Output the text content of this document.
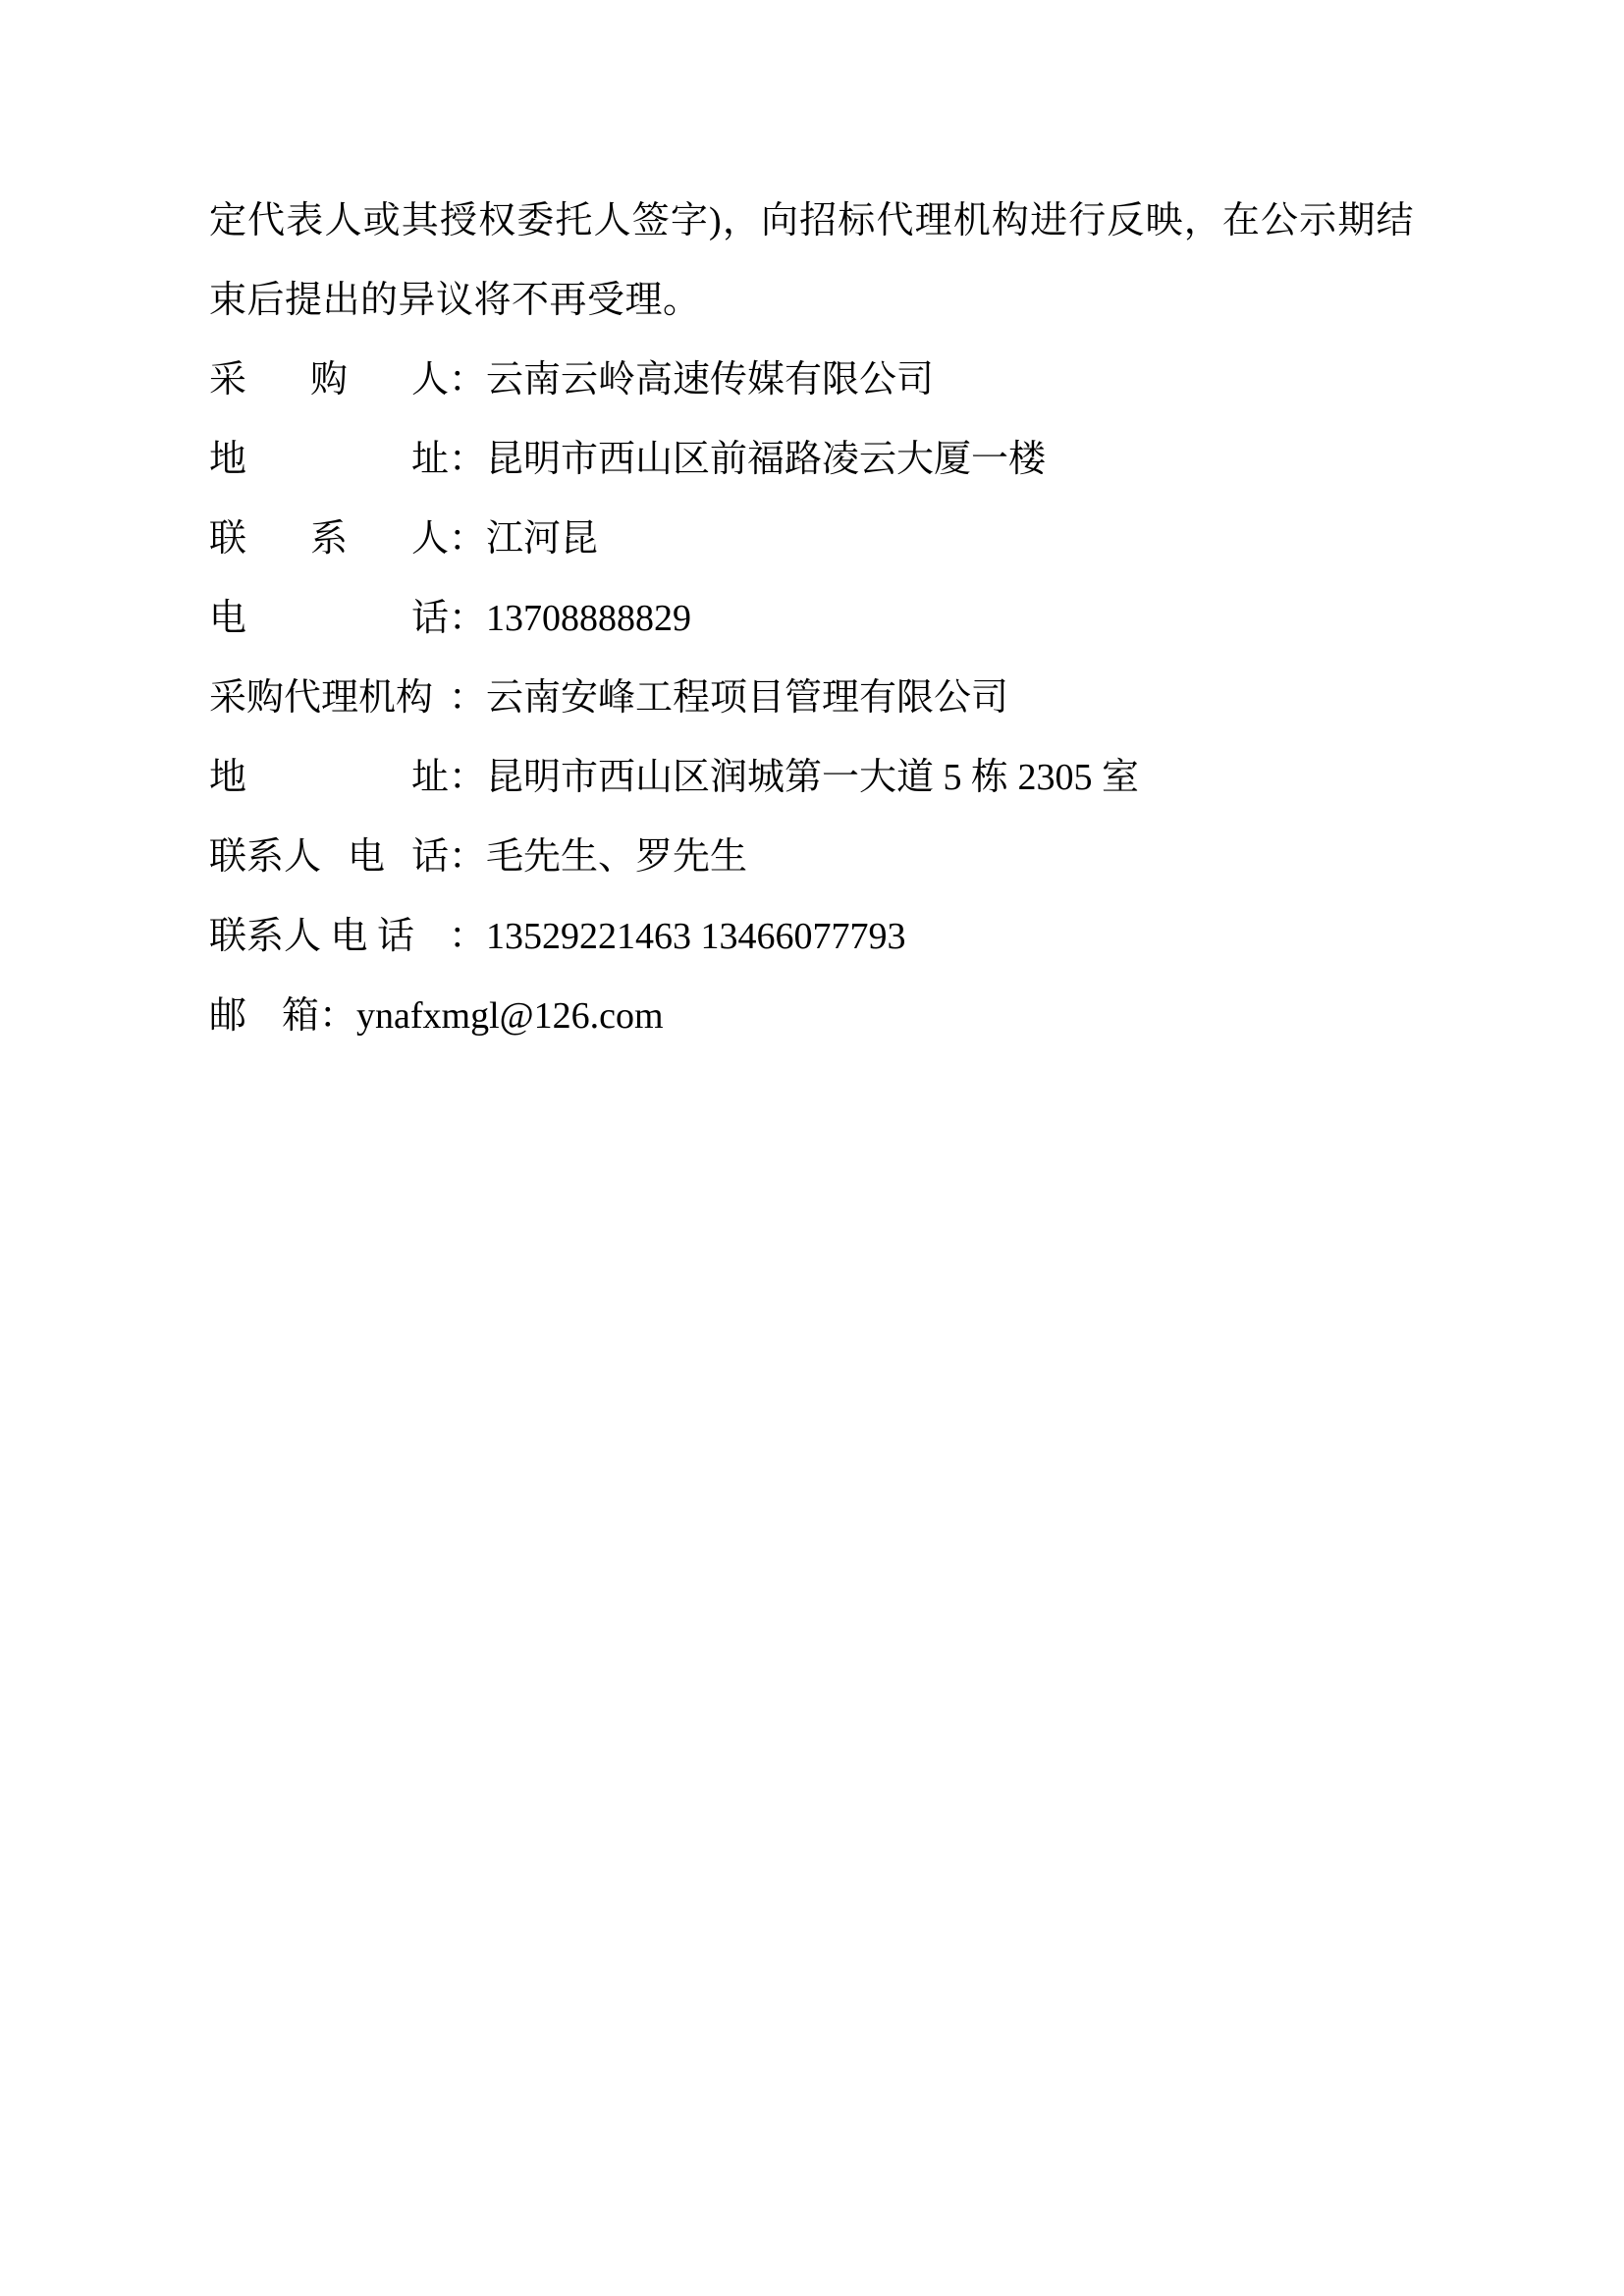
定代表人或其授权委托人签字)，向招标代理机构进行反映，在公示期结
束后提出的异议将不再受理。
采 购 人 ： 云南云岭高速传媒有限公司
地	址 ： 昆明市西山区前福路凌云大厦一楼
联 系 人 ： 江河昆
电	话 ： 13708888829
采购代理机构 ： 云南安峰工程项目管理有限公司
地	址 ： 昆明市西山区润城第一大道 5 栋 2305 室
联系人 电 话 ： 毛先生、罗先生
联系人 电 话 ： 13529221463 13466077793
邮 箱 ： ynafxmgl@126.com
